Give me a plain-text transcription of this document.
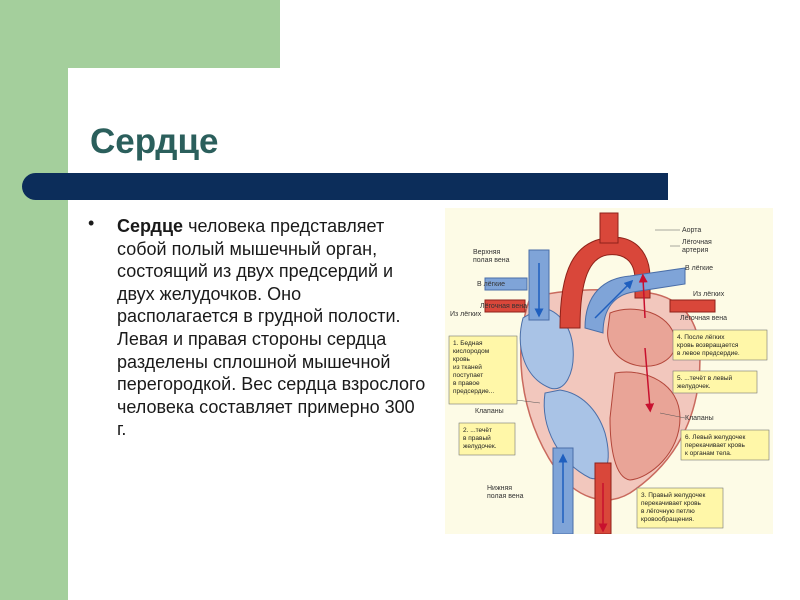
Сердце
• Сердце человека представляет собой полый мышечный орган, состоящий из двух предсердий и двух желудочков. Оно располагается в грудной полости. Левая и правая стороны сердца разделены сплошной мышечной перегородкой. Вес сердца взрослого человека составляет примерно 300 г.
Аорта
Лёгочная
артерия
В лёгкие
Из лёгких
Лёгочная вена
Верхняя
полая вена
В лёгкие
Из лёгких
Лёгочная вена
Клапаны
Клапаны
Нижняя
полая вена
1. Бедная
кислородом
кровь
из тканей
поступает
в правое
предсердие...
2. ...течёт
в правый
желудочек.
3. Правый желудочек
перекачивает кровь
в лёгочную петлю
кровообращения.
4. После лёгких
кровь возвращается
в левое предсердие.
5. ...течёт в левый
желудочек.
6. Левый желудочек
перекачивает кровь
к органам тела.
